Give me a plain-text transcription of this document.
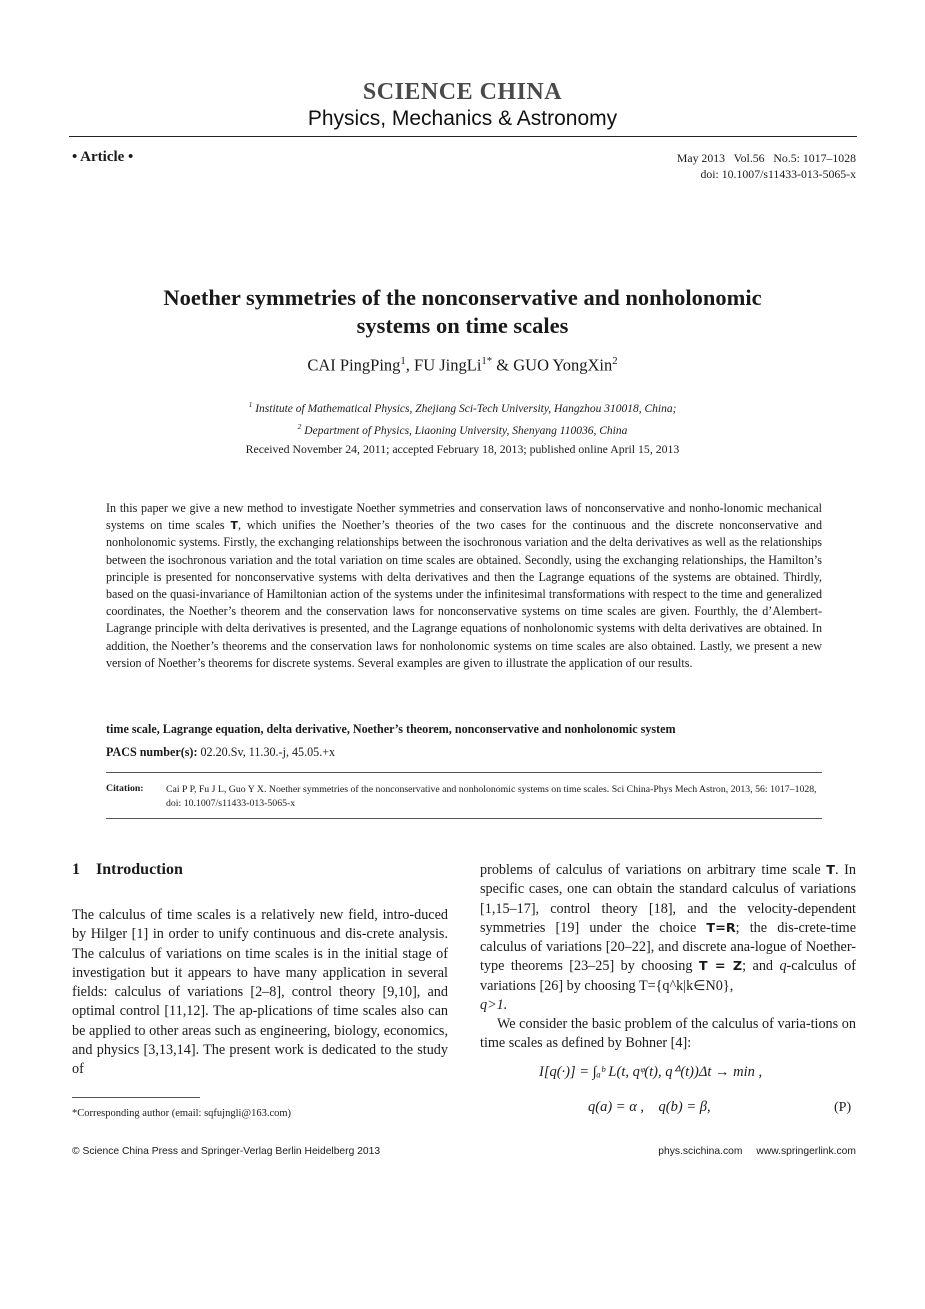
SCIENCE CHINA
Physics, Mechanics & Astronomy
• Article •	May 2013   Vol.56   No.5: 1017–1028
doi: 10.1007/s11433-013-5065-x
Noether symmetries of the nonconservative and nonholonomic
systems on time scales
CAI PingPing$^1$, FU JingLi$^{1*}$ & GUO YongXin$^2$
$^1$ Institute of Mathematical Physics, Zhejiang Sci-Tech University, Hangzhou 310018, China;
$^2$ Department of Physics, Liaoning University, Shenyang 110036, China
Received November 24, 2011; accepted February 18, 2013; published online April 15, 2013
In this paper we give a new method to investigate Noether symmetries and conservation laws of nonconservative and nonho-lonomic mechanical systems on time scales T, which unifies the Noether’s theories of the two cases for the continuous and the discrete nonconservative and nonholonomic systems. Firstly, the exchanging relationships between the isochronous variation and the delta derivatives as well as the relationships between the isochronous variation and the total variation on time scales are obtained. Secondly, using the exchanging relationships, the Hamilton’s principle is presented for nonconservative systems with delta derivatives and then the Lagrange equations of the systems are obtained. Thirdly, based on the quasi-invariance of Hamiltonian action of the systems under the infinitesimal transformations with respect to the time and generalized coordinates, the Noether’s theorem and the conservation laws for nonconservative systems on time scales are given. Fourthly, the d’Alembert-Lagrange principle with delta derivatives is presented, and the Lagrange equations of nonholonomic systems with delta derivatives are obtained. In addition, the Noether’s theorems and the conservation laws for nonholonomic systems on time scales are also obtained. Lastly, we present a new version of Noether’s theorems for discrete systems. Several examples are given to illustrate the application of our results.
time scale, Lagrange equation, delta derivative, Noether’s theorem, nonconservative and nonholonomic system
PACS number(s): 02.20.Sv, 11.30.-j, 45.05.+x
Citation: Cai P P, Fu J L, Guo Y X. Noether symmetries of the nonconservative and nonholonomic systems on time scales. Sci China-Phys Mech Astron, 2013, 56: 1017–1028, doi: 10.1007/s11433-013-5065-x
1 Introduction
The calculus of time scales is a relatively new field, intro-duced by Hilger [1] in order to unify continuous and dis-crete analysis. The calculus of variations on time scales is in the initial stage of investigation but it appears to have many application in several fields: calculus of variations [2–8], control theory [9,10], and optimal control [11,12]. The ap-plications of time scales also can be applied to other areas such as engineering, biology, economics, and physics [3,13,14]. The present work is dedicated to the study of
problems of calculus of variations on arbitrary time scale T. In specific cases, one can obtain the standard calculus of variations [1,15–17], control theory [18], and the velocity-dependent symmetries [19] under the choice T=R; the dis-crete-time calculus of variations [20–22], and discrete ana-logue of Noether-type theorems [23–25] by choosing T = Z; and q-calculus of variations [26] by choosing T={q^k|k∈N0},
q>1.
We consider the basic problem of the calculus of varia-tions on time scales as defined by Bohner [4]:
I[q(·)] = ∫ₐᵇ L(t, qᵠ(t), qᐞ(t))Δt → min ,
q(a) = α ,    q(b) = β,	(P)
*Corresponding author (email: sqfujngli@163.com)
© Science China Press and Springer-Verlag Berlin Heidelberg 2013	phys.scichina.com www.springerlink.com
